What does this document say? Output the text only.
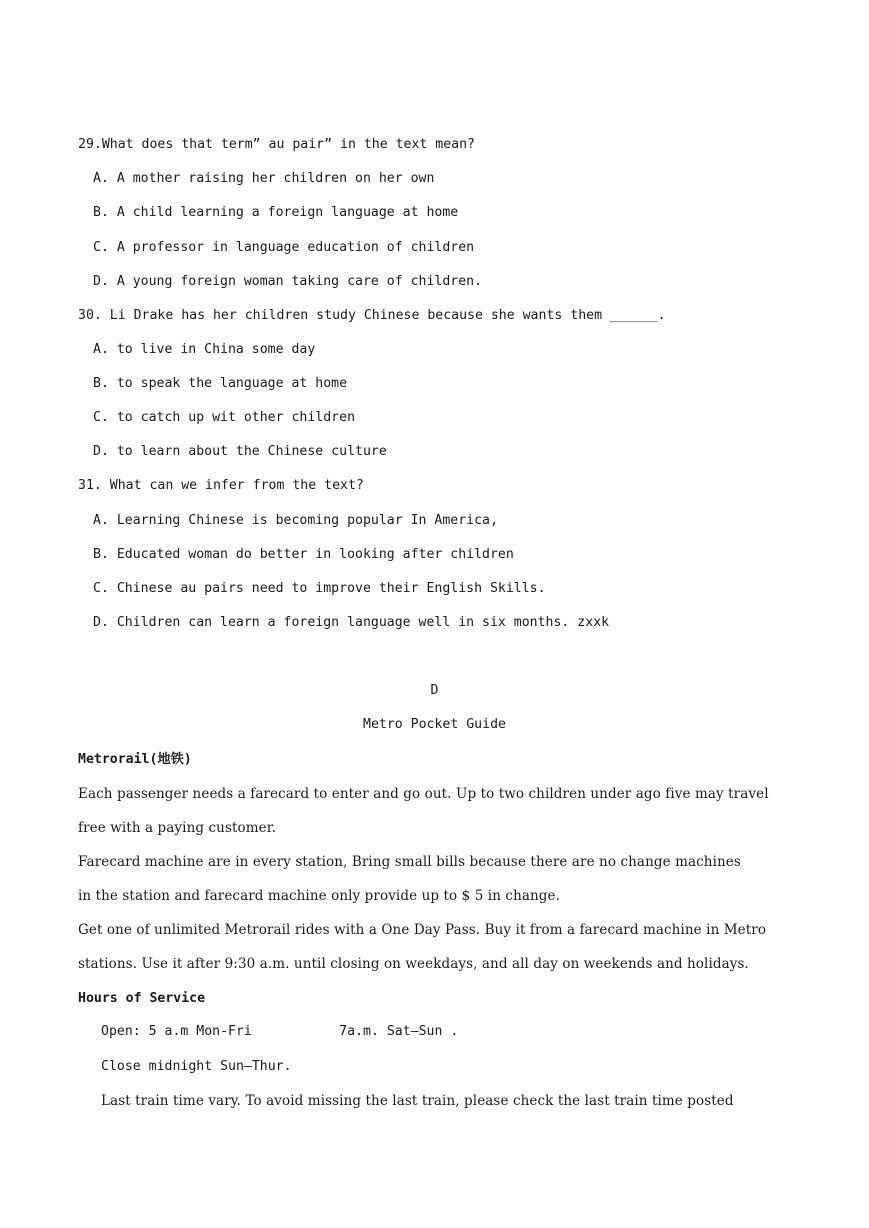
29.What does that term” au pair” in the text mean?
A. A mother raising her children on her own
B. A child learning a foreign language at home
C. A professor in language education of children
D. A young foreign woman taking care of children.
30. Li Drake has her children study Chinese because she wants them ______.
A. to live in China some day
B. to speak the language at home
C. to catch up wit other children
D. to learn about the Chinese culture
31. What can we infer from the text?
A. Learning Chinese is becoming popular In America,
B. Educated woman do better in looking after children
C. Chinese au pairs need to improve their English Skills.
D. Children can learn a foreign language well in six months. zxxk
D
Metro Pocket Guide
Metrorail(地铁)
Each passenger needs a farecard to enter and go out. Up to two children under ago five may travel
free with a paying customer.
Farecard machine are in every station, Bring small bills because there are no change machines
in the station and farecard machine only provide up to $ 5 in change.
Get one of unlimited Metrorail rides with a One Day Pass. Buy it from a farecard machine in Metro
stations. Use it after 9:30 a.m. until closing on weekdays, and all day on weekends and holidays.
Hours of Service
Open: 5 a.m Mon-Fri           7a.m. Sat—Sun .
Close midnight Sun—Thur.
Last train time vary. To avoid missing the last train, please check the last train time posted
